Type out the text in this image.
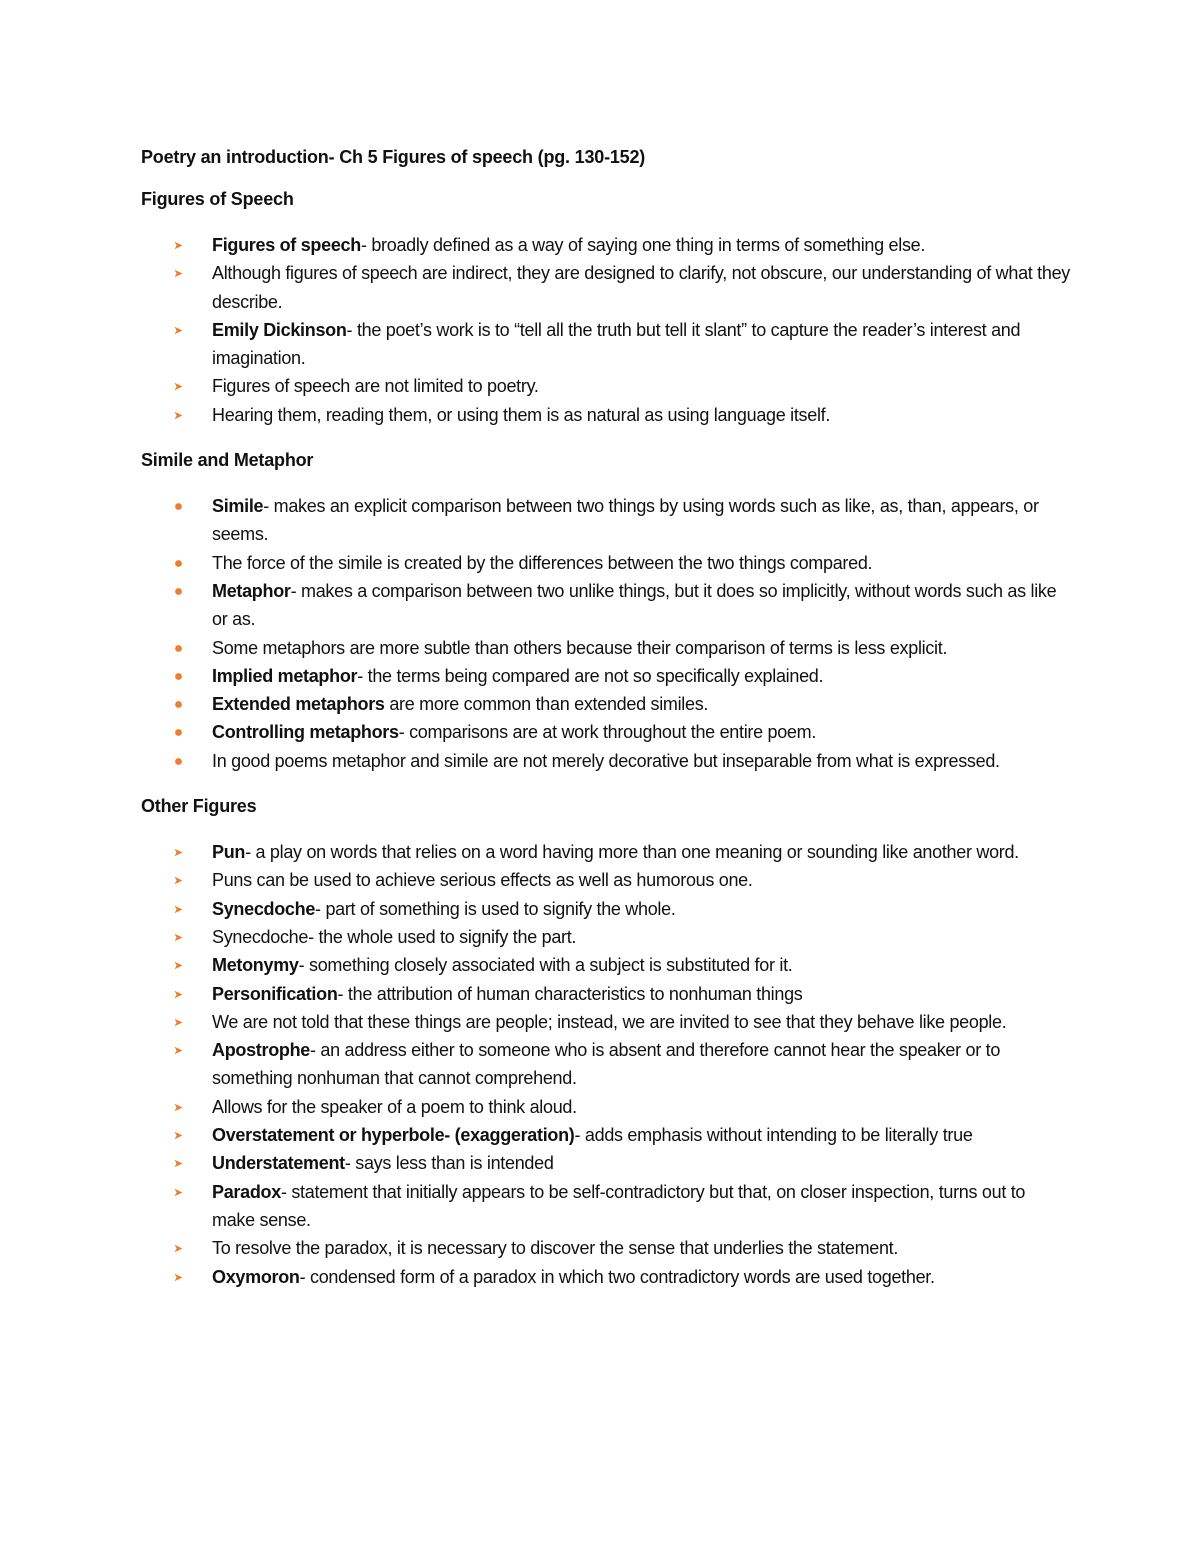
Poetry an introduction- Ch 5 Figures of speech (pg. 130-152)
Figures of Speech
Figures of speech- broadly defined as a way of saying one thing in terms of something else.
Although figures of speech are indirect, they are designed to clarify, not obscure, our understanding of what they describe.
Emily Dickinson- the poet’s work is to “tell all the truth but tell it slant” to capture the reader’s interest and imagination.
Figures of speech are not limited to poetry.
Hearing them, reading them, or using them is as natural as using language itself.
Simile and Metaphor
Simile- makes an explicit comparison between two things by using words such as like, as, than, appears, or seems.
The force of the simile is created by the differences between the two things compared.
Metaphor- makes a comparison between two unlike things, but it does so implicitly, without words such as like or as.
Some metaphors are more subtle than others because their comparison of terms is less explicit.
Implied metaphor- the terms being compared are not so specifically explained.
Extended metaphors are more common than extended similes.
Controlling metaphors- comparisons are at work throughout the entire poem.
In good poems metaphor and simile are not merely decorative but inseparable from what is expressed.
Other Figures
Pun- a play on words that relies on a word having more than one meaning or sounding like another word.
Puns can be used to achieve serious effects as well as humorous one.
Synecdoche- part of something is used to signify the whole.
Synecdoche- the whole used to signify the part.
Metonymy- something closely associated with a subject is substituted for it.
Personification- the attribution of human characteristics to nonhuman things
We are not told that these things are people; instead, we are invited to see that they behave like people.
Apostrophe- an address either to someone who is absent and therefore cannot hear the speaker or to something nonhuman that cannot comprehend.
Allows for the speaker of a poem to think aloud.
Overstatement or hyperbole- (exaggeration)- adds emphasis without intending to be literally true
Understatement- says less than is intended
Paradox- statement that initially appears to be self-contradictory but that, on closer inspection, turns out to make sense.
To resolve the paradox, it is necessary to discover the sense that underlies the statement.
Oxymoron- condensed form of a paradox in which two contradictory words are used together.
